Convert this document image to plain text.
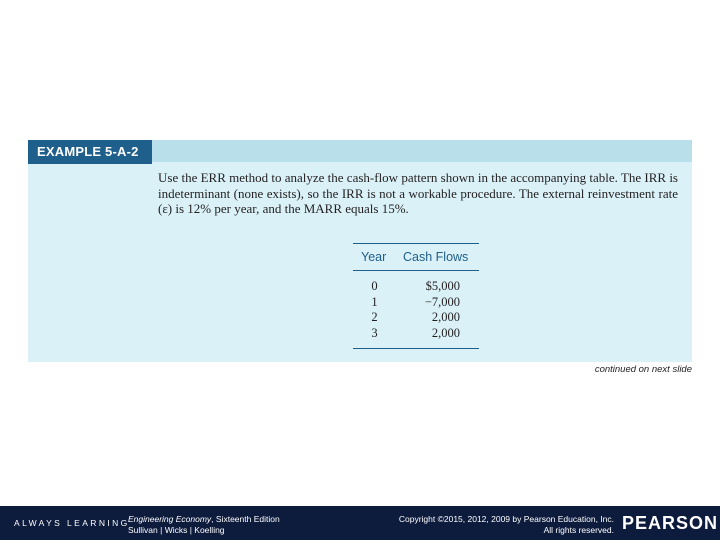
EXAMPLE 5-A-2

Use the ERR method to analyze the cash-flow pattern shown in the accompanying table. The IRR is indeterminant (none exists), so the IRR is not a workable procedure. The external reinvestment rate (ε) is 12% per year, and the MARR equals 15%.

Year	Cash Flows
0	$5,000
1	−7,000
2	2,000
3	2,000
continued on next slide
ALWAYS LEARNING
Engineering Economy, Sixteenth Edition
Sullivan | Wicks | Koelling
Copyright ©2015, 2012, 2009 by Pearson Education, Inc.
All rights reserved. PEARSON
